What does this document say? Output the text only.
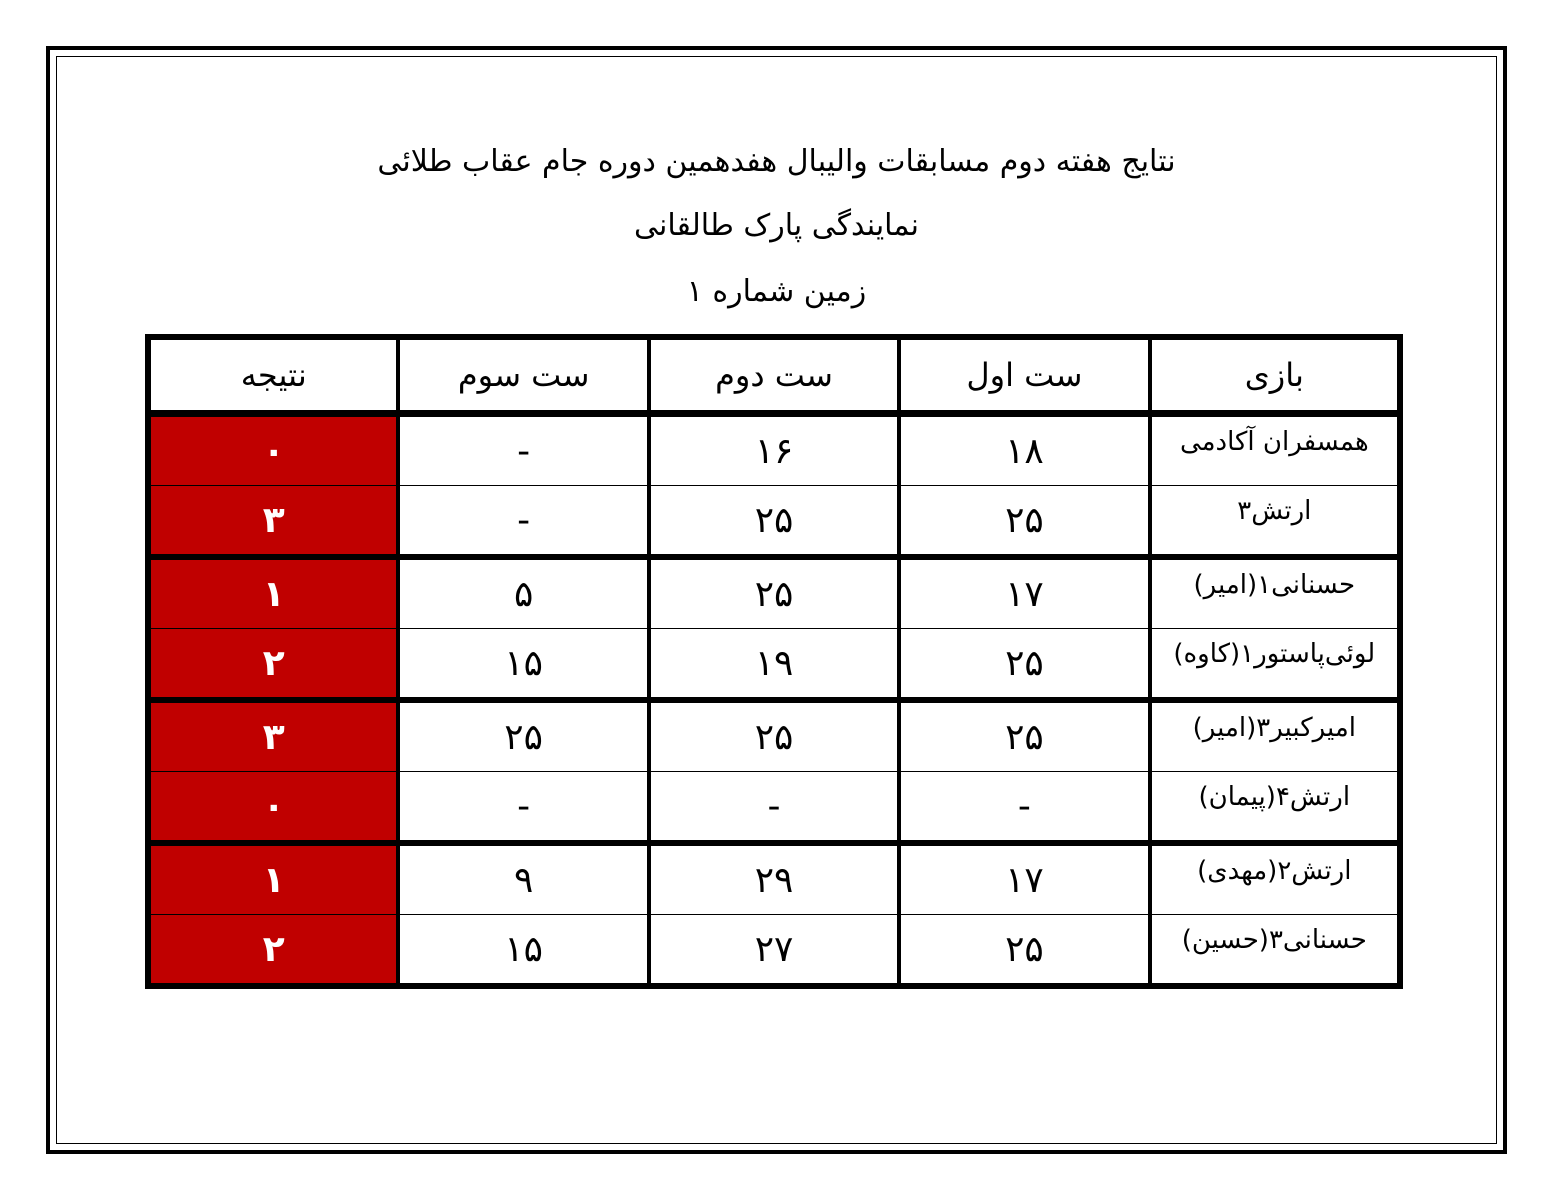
نتایج هفته دوم مسابقات والیبال هفدهمین دوره جام عقاب طلائی
نمایندگی پارک طالقانی
زمین شماره ۱
بازی	ست اول	ست دوم	ست سوم	نتیجه
همسفران آکادمی	۱۸	۱۶	-	۰
ارتش۳	۲۵	۲۵	-	۳
حسنانی۱(امیر)	۱۷	۲۵	۵	۱
لوئی‌پاستور۱(کاوه)	۲۵	۱۹	۱۵	۲
امیرکبیر۳(امیر)	۲۵	۲۵	۲۵	۳
ارتش۴(پیمان)	-	-	-	۰
ارتش۲(مهدی)	۱۷	۲۹	۹	۱
حسنانی۳(حسین)	۲۵	۲۷	۱۵	۲
